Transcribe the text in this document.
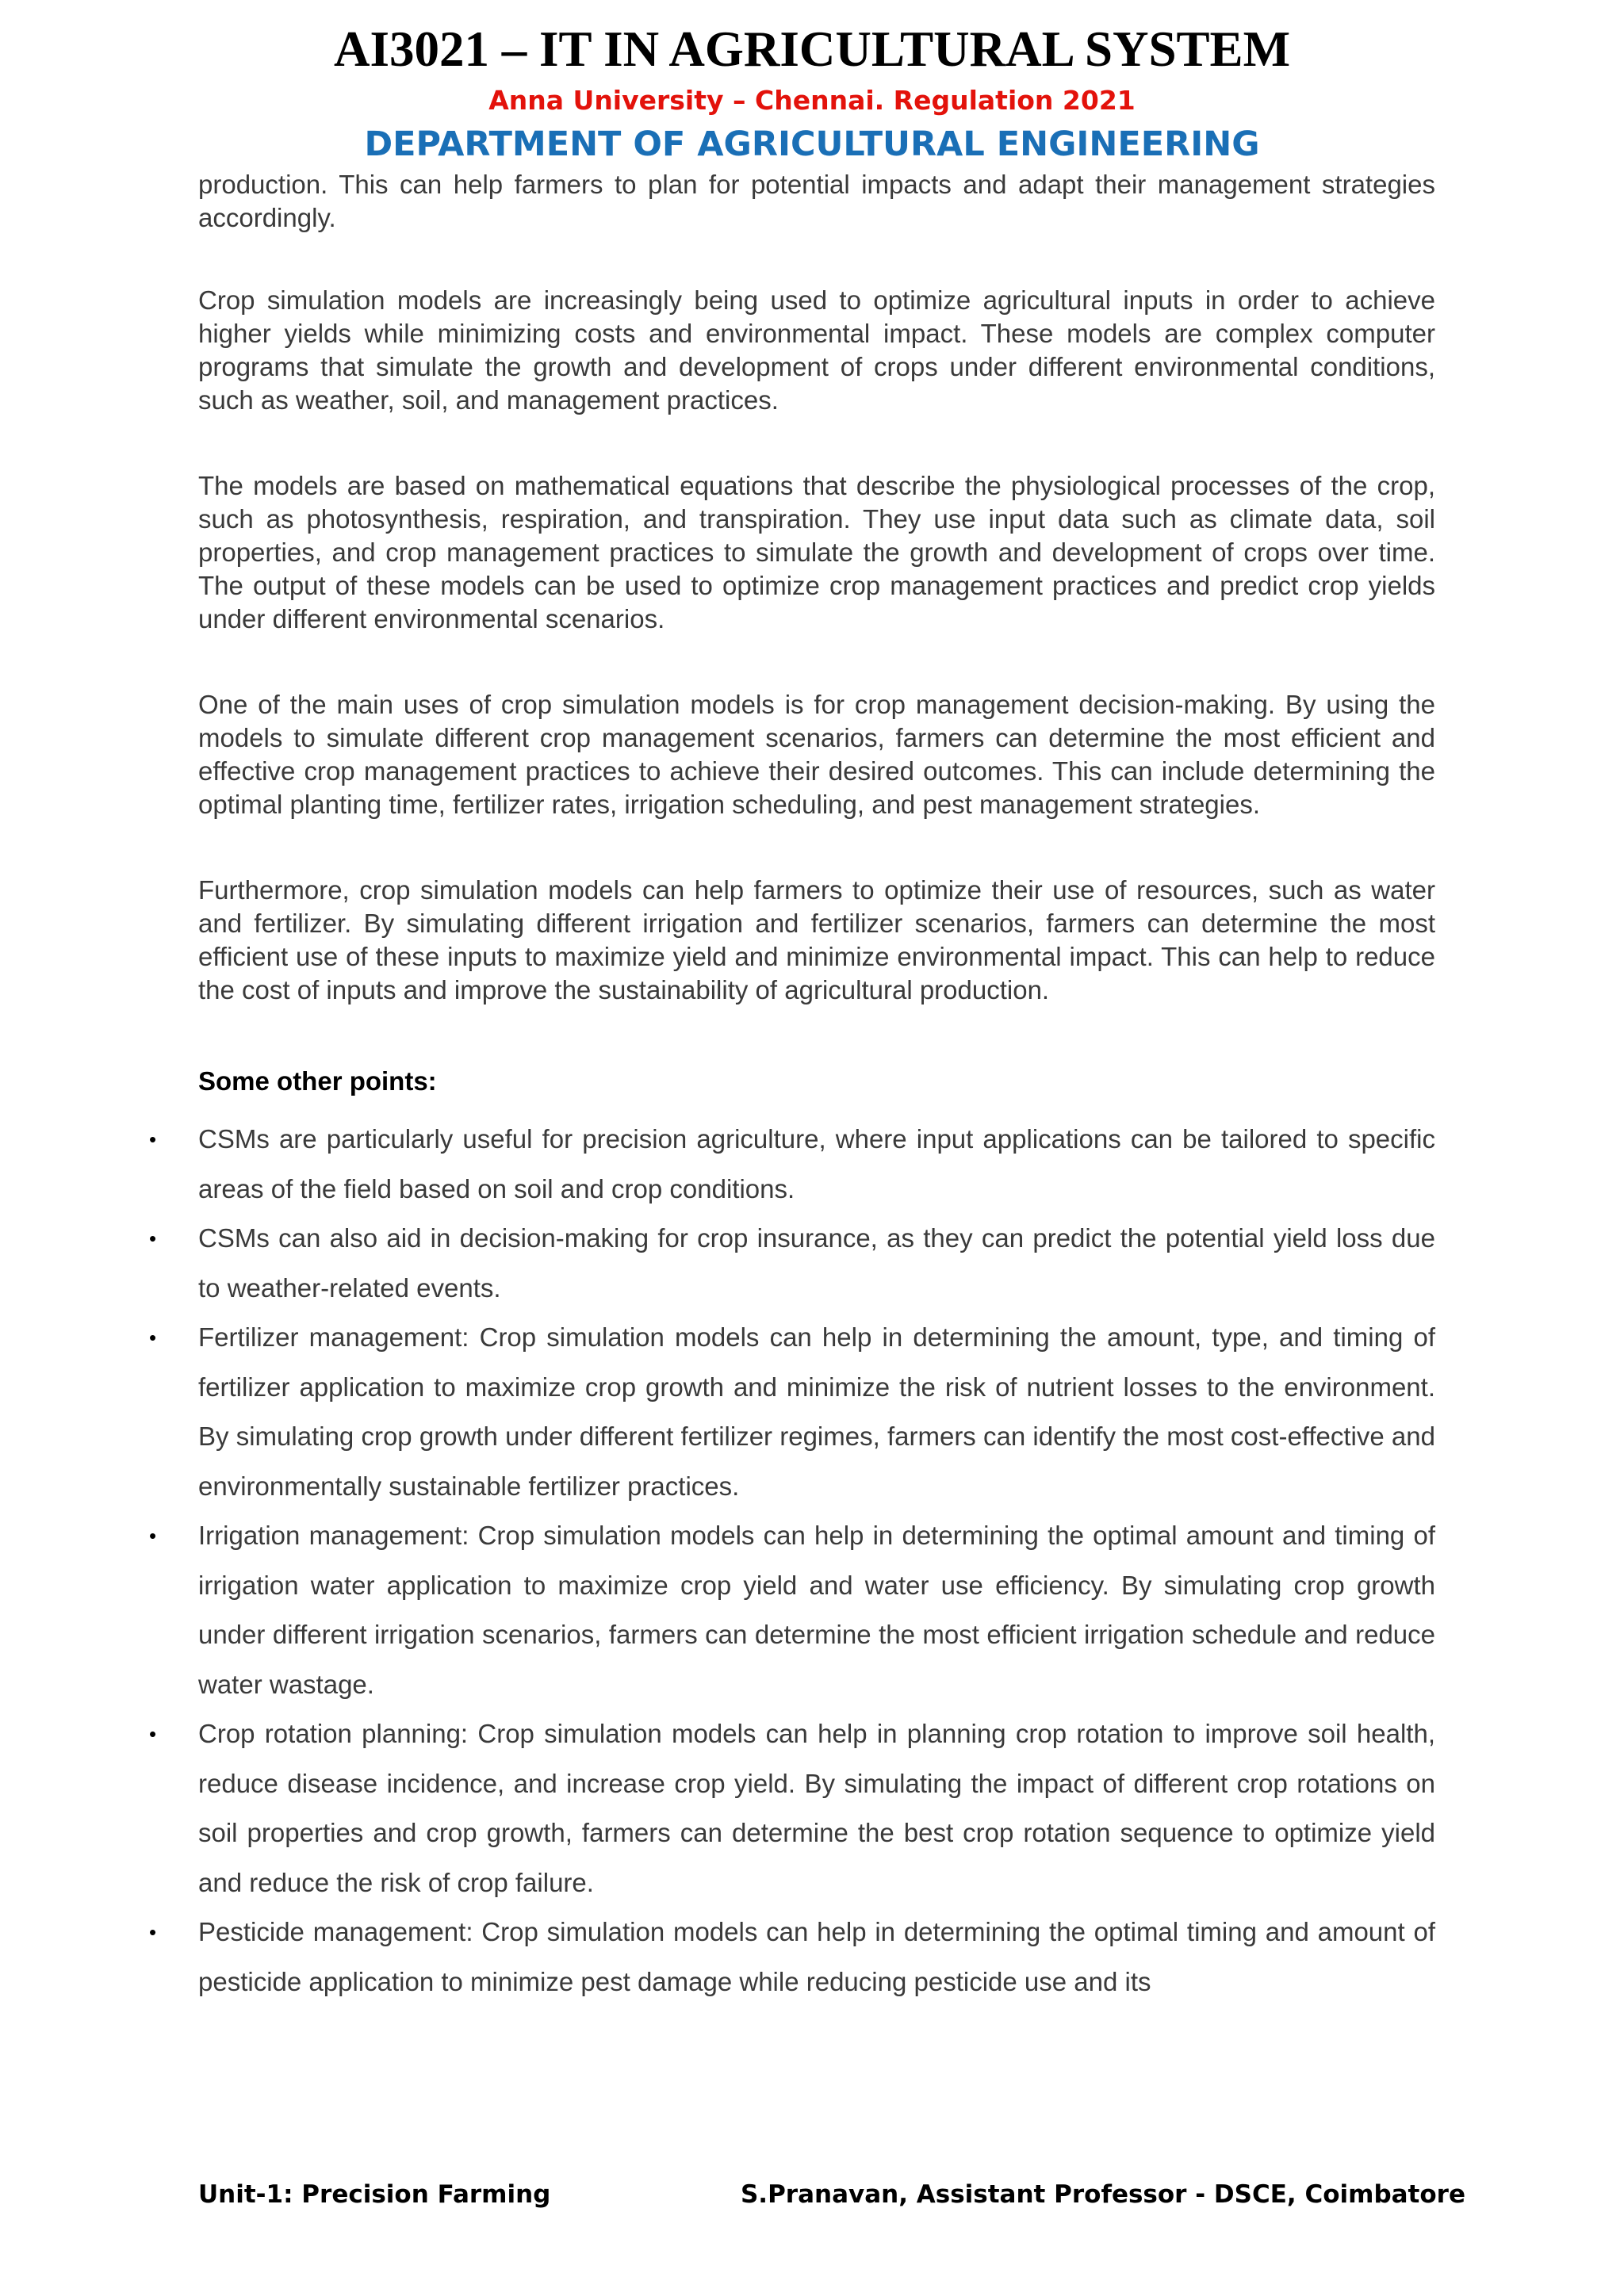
AI3021 – IT IN AGRICULTURAL SYSTEM
Anna University – Chennai. Regulation 2021
DEPARTMENT OF AGRICULTURAL ENGINEERING

production. This can help farmers to plan for potential impacts and adapt their management strategies accordingly.

Crop simulation models are increasingly being used to optimize agricultural inputs in order to achieve higher yields while minimizing costs and environmental impact. These models are complex computer programs that simulate the growth and development of crops under different environmental conditions, such as weather, soil, and management practices.

The models are based on mathematical equations that describe the physiological processes of the crop, such as photosynthesis, respiration, and transpiration. They use input data such as climate data, soil properties, and crop management practices to simulate the growth and development of crops over time. The output of these models can be used to optimize crop management practices and predict crop yields under different environmental scenarios.

One of the main uses of crop simulation models is for crop management decision-making. By using the models to simulate different crop management scenarios, farmers can determine the most efficient and effective crop management practices to achieve their desired outcomes. This can include determining the optimal planting time, fertilizer rates, irrigation scheduling, and pest management strategies.

Furthermore, crop simulation models can help farmers to optimize their use of resources, such as water and fertilizer. By simulating different irrigation and fertilizer scenarios, farmers can determine the most efficient use of these inputs to maximize yield and minimize environmental impact. This can help to reduce the cost of inputs and improve the sustainability of agricultural production.

Some other points:
• CSMs are particularly useful for precision agriculture, where input applications can be tailored to specific areas of the field based on soil and crop conditions.
• CSMs can also aid in decision-making for crop insurance, as they can predict the potential yield loss due to weather-related events.
• Fertilizer management: Crop simulation models can help in determining the amount, type, and timing of fertilizer application to maximize crop growth and minimize the risk of nutrient losses to the environment. By simulating crop growth under different fertilizer regimes, farmers can identify the most cost-effective and environmentally sustainable fertilizer practices.
• Irrigation management: Crop simulation models can help in determining the optimal amount and timing of irrigation water application to maximize crop yield and water use efficiency. By simulating crop growth under different irrigation scenarios, farmers can determine the most efficient irrigation schedule and reduce water wastage.
• Crop rotation planning: Crop simulation models can help in planning crop rotation to improve soil health, reduce disease incidence, and increase crop yield. By simulating the impact of different crop rotations on soil properties and crop growth, farmers can determine the best crop rotation sequence to optimize yield and reduce the risk of crop failure.
• Pesticide management: Crop simulation models can help in determining the optimal timing and amount of pesticide application to minimize pest damage while reducing pesticide use and its
Unit-1: Precision Farming	S.Pranavan, Assistant Professor - DSCE, Coimbatore
